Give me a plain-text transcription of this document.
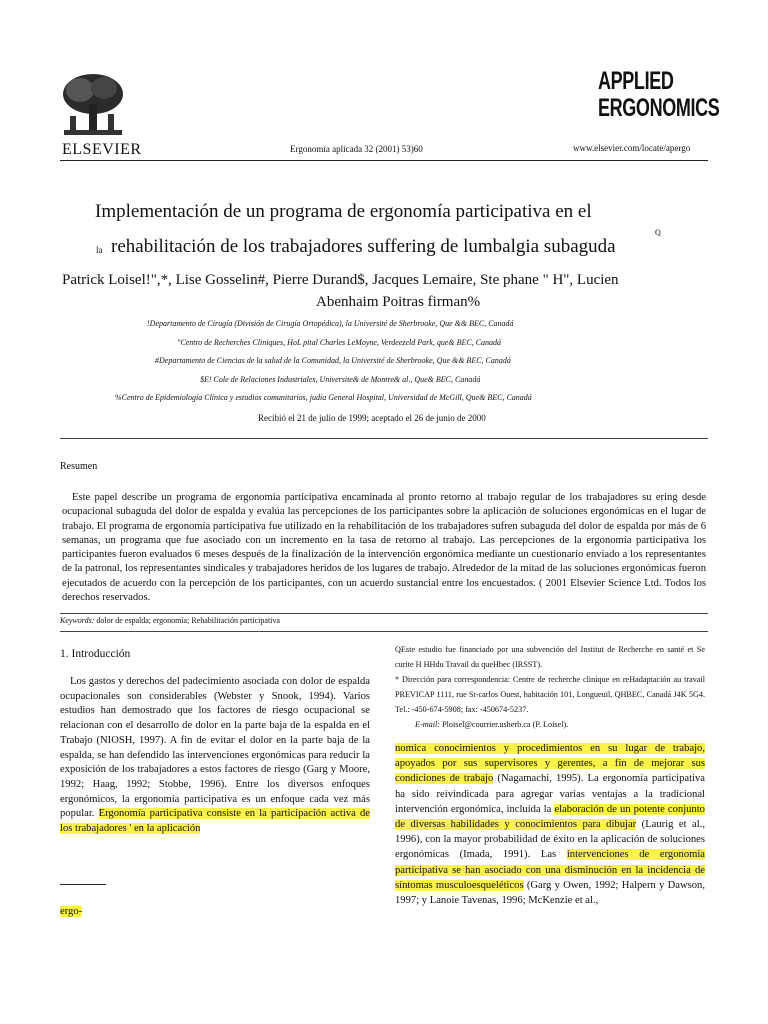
ELSEVIER	Ergonomía aplicada 32 (2001) 53)60
APPLIED
ERGONOMICS
www.elsevier.com/locate/apergo
Implementación de un programa de ergonomía participativa en el
Q
la rehabilitación de los trabajadores suffering de lumbalgia subaguda
Patrick Loisel!",*, Lise Gosselin#, Pierre Durand$, Jacques Lemaire, Ste phane " H", Lucien
Abenhaim Poitras firman%
!Departamento de Cirugía (División de Cirugía Ortopédica), la Université de Sherbrooke, Que && BEC, Canadá
"Centro de Recherches Cliniques, HoL pital Charles LeMoyne, Verdeezeld Park, que& BEC, Canadá
#Departamento de Ciencias de la salud de la Comunidad, la Université de Sherbrooke, Que && BEC, Canadá
$E! Cole de Relaciones Industriales, Universite& de Montre& al., Que& BEC, Canadá
%Centro de Epidemiología Clínica y estudios comunitarios, judía General Hospital, Universidad de McGill, Que& BEC, Canadá
Recibió el 21 de julio de 1999; aceptado el 26 de junio de 2000
Resumen
Este papel describe un programa de ergonomía participativa encaminada al pronto retorno al trabajo regular de los trabajadores su ering desde ocupacional subaguda del dolor de espalda y evalúa las percepciones de los participantes sobre la aplicación de soluciones ergonómicas en el lugar de trabajo. El programa de ergonomía participativa fue utilizado en la rehabilitación de los trabajadores sufren subaguda del dolor de espalda por más de 6 semanas, un programa que fue asociado con un incremento en la tasa de retorno al trabajo. Las percepciones de la ergonomía participativa los participantes fueron evaluados 6 meses después de la finalización de la intervención ergonómica mediante un cuestionario enviado a los representantes de la patronal, los representantes sindicales y trabajadores heridos de los lugares de trabajo. Alrededor de la mitad de las soluciones ergonómicas fueron ejecutados de acuerdo con la percepción de los participantes, con un acuerdo sustancial entre los encuestados. ( 2001 Elsevier Science Ltd. Todos los derechos reservados.
Keywords: dolor de espalda; ergonomía; Rehabilitación participativa
1. Introducción
Los gastos y derechos del padecimiento asociada con dolor de espalda ocupacionales son considerables (Webster y Snook, 1994). Varios estudios han demostrado que los factores de riesgo ocupacional se relacionan con el desarrollo de dolor en la parte baja de la espalda en el Trabajo (NIOSH, 1997). A fin de evitar el dolor en la parte baja de la espalda, se han defendido las intervenciones ergonómicas para reducir la exposición de los trabajadores a estos factores de riesgo (Garg y Moore, 1992; Haag, 1992; Stobbe, 1996). Entre los diversos enfoques ergonómicos, la ergonomía participativa es un enfoque cada vez más popular. Ergonomía participativa consiste en la participación activa de los trabajadores ' en la aplicación
ergo-
QEste estudio fue financiado por una subvención del Institut de Recherche en santé et Se curite H HHdu Travail du queHbec (IRSST).
* Dirección para correspondencia: Centre de recherche clinique en reHadaptación au travail PREVICAP 1111, rue St-carlos Ouest, habitación 101, Longueuil, QHBEC, Canadá J4K 5G4. Tel.: -450-674-5908; fax: -450674-5237.
E-mail: Ploisel@courrier.usherb.ca (P. Loisel).
nomica conocimientos y procedimientos en su lugar de trabajo, apoyados por sus supervisores y gerentes, a fin de mejorar sus condiciones de trabajo (Nagamachi, 1995). La ergonomía participativa ha sido reivindicada para agregar varias ventajas a la tradicional intervención ergonómica, incluida la elaboración de un potente conjunto de diversas habilidades y conocimientos para dibujar (Laurig et al., 1996), con la mayor probabilidad de éxito en la aplicación de soluciones ergonómicas (Imada, 1991). Las intervenciones de ergonomía participativa se han asociado con una disminución en la incidencia de síntomas musculoesqueléticos (Garg y Owen, 1992; Halpern y Dawson, 1997; y Lanoie Tavenas, 1996; McKenzie et al.,
